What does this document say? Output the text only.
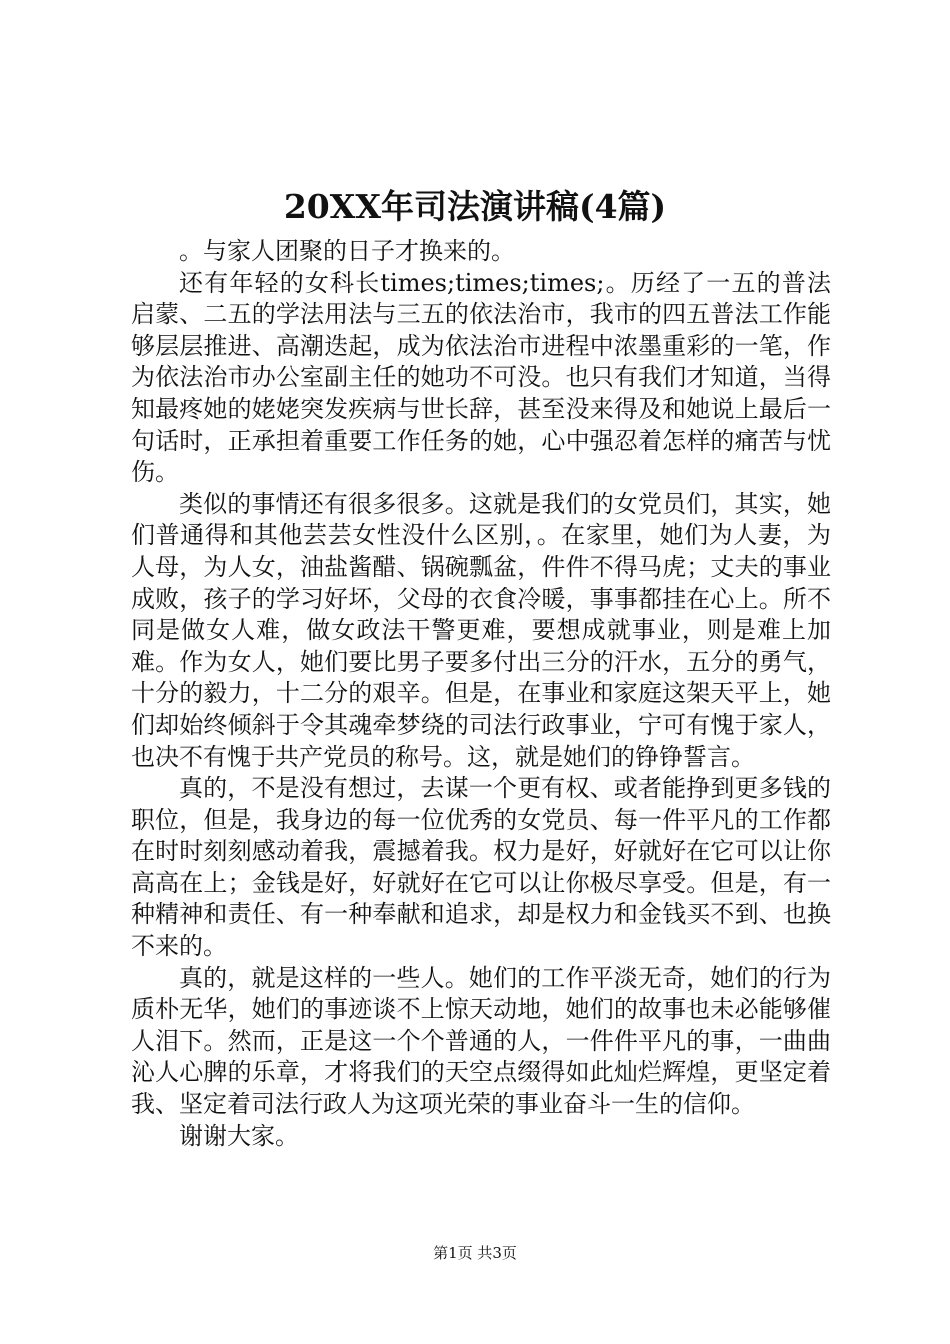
20XX年司法演讲稿(4篇)

。与家人团聚的日子才换来的。

还有年轻的女科长times;times;times;。历经了一五的普法启蒙、二五的学法用法与三五的依法治市，我市的四五普法工作能够层层推进、高潮迭起，成为依法治市进程中浓墨重彩的一笔，作为依法治市办公室副主任的她功不可没。也只有我们才知道，当得知最疼她的姥姥突发疾病与世长辞，甚至没来得及和她说上最后一句话时，正承担着重要工作任务的她，心中强忍着怎样的痛苦与忧伤。

类似的事情还有很多很多。这就是我们的女党员们，其实，她们普通得和其他芸芸女性没什么区别，。在家里，她们为人妻，为人母，为人女，油盐酱醋、锅碗瓢盆，件件不得马虎；丈夫的事业成败，孩子的学习好坏，父母的衣食冷暖，事事都挂在心上。所不同是做女人难，做女政法干警更难，要想成就事业，则是难上加难。作为女人，她们要比男子要多付出三分的汗水，五分的勇气，十分的毅力，十二分的艰辛。但是，在事业和家庭这架天平上，她们却始终倾斜于令其魂牵梦绕的司法行政事业，宁可有愧于家人，也决不有愧于共产党员的称号。这，就是她们的铮铮誓言。

真的，不是没有想过，去谋一个更有权、或者能挣到更多钱的职位，但是，我身边的每一位优秀的女党员、每一件平凡的工作都在时时刻刻感动着我，震撼着我。权力是好，好就好在它可以让你高高在上；金钱是好，好就好在它可以让你极尽享受。但是，有一种精神和责任、有一种奉献和追求，却是权力和金钱买不到、也换不来的。

真的，就是这样的一些人。她们的工作平淡无奇，她们的行为质朴无华，她们的事迹谈不上惊天动地，她们的故事也未必能够催人泪下。然而，正是这一个个普通的人，一件件平凡的事，一曲曲沁人心脾的乐章，才将我们的天空点缀得如此灿烂辉煌，更坚定着我、坚定着司法行政人为这项光荣的事业奋斗一生的信仰。

谢谢大家。

第1页 共3页
